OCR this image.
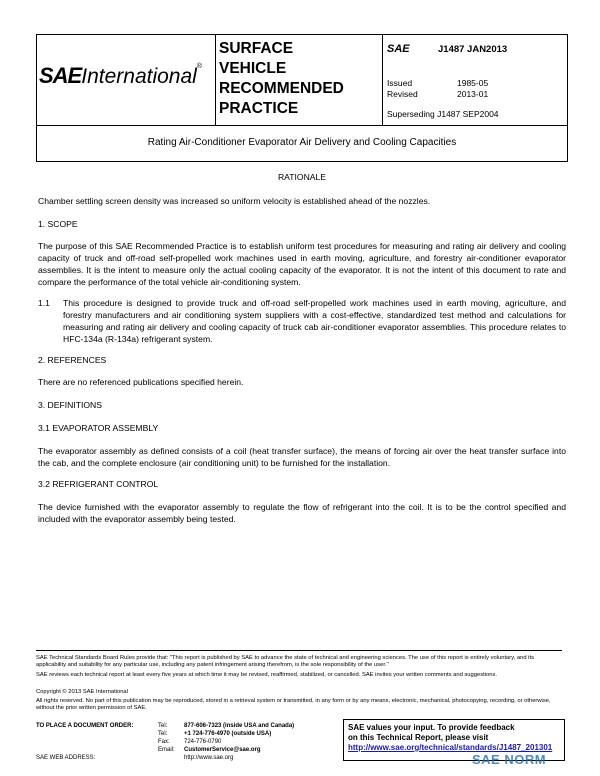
SAEInternational®
SURFACE
VEHICLE
RECOMMENDED
PRACTICE
SAE	J1487 JAN2013
Issued	1985-05
Revised	2013-01
Superseding J1487 SEP2004
Rating Air-Conditioner Evaporator Air Delivery and Cooling Capacities
RATIONALE
Chamber settling screen density was increased so uniform velocity is established ahead of the nozzles.
1. SCOPE
The purpose of this SAE Recommended Practice is to establish uniform test procedures for measuring and rating air delivery and cooling capacity of truck and off-road self-propelled work machines used in earth moving, agriculture, and forestry air-conditioner evaporator assemblies. It is the intent to measure only the actual cooling capacity of the evaporator. It is not the intent of this document to rate and compare the performance of the total vehicle air-conditioning system.
1.1 This procedure is designed to provide truck and off-road self-propelled work machines used in earth moving, agriculture, and forestry manufacturers and air conditioning system suppliers with a cost-effective, standardized test method and calculations for measuring and rating air delivery and cooling capacity of truck cab air-conditioner evaporator assemblies. This procedure relates to HFC-134a (R-134a) refrigerant system.
2. REFERENCES
There are no referenced publications specified herein.
3. DEFINITIONS
3.1 EVAPORATOR ASSEMBLY
The evaporator assembly as defined consists of a coil (heat transfer surface), the means of forcing air over the heat transfer surface into the cab, and the complete enclosure (air conditioning unit) to be furnished for the installation.
3.2 REFRIGERANT CONTROL
The device furnished with the evaporator assembly to regulate the flow of refrigerant into the coil. It is to be the control specified and included with the evaporator assembly being tested.
SAE Technical Standards Board Rules provide that: "This report is published by SAE to advance the state of technical and engineering sciences. The use of this report is entirely voluntary, and its applicability and suitability for any particular use, including any patent infringement arising therefrom, is the sole responsibility of the user."
SAE reviews each technical report at least every five years at which time it may be revised, reaffirmed, stabilized, or cancelled. SAE invites your written comments and suggestions.
Copyright © 2013 SAE International
All rights reserved. No part of this publication may be reproduced, stored in a retrieval system or transmitted, in any form or by any means, electronic, mechanical, photocopying, recording, or otherwise, without the prior written permission of SAE.
TO PLACE A DOCUMENT ORDER:	Tel:	877-606-7323 (inside USA and Canada)
Tel:	+1 724-776-4970 (outside USA)
Fax:	724-776-0790
Email:	CustomerService@sae.org
SAE WEB ADDRESS:	http://www.sae.org
SAE values your input. To provide feedback
on this Technical Report, please visit
http://www.sae.org/technical/standards/J1487_201301
SAE NORM
